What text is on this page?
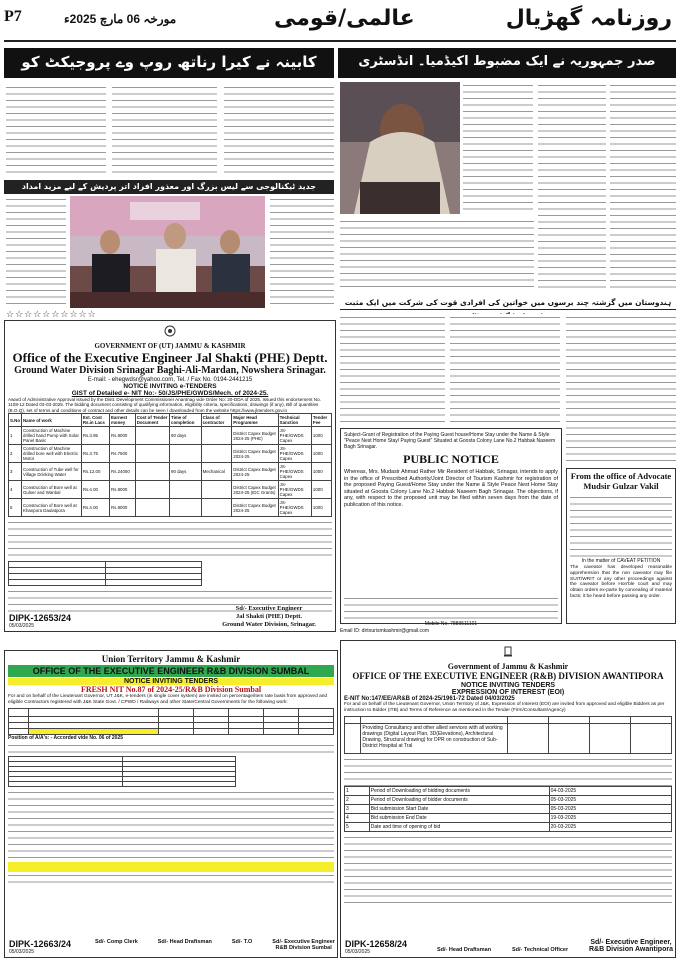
P7	مورخہ 06 مارچ 2025ء	عالمی/قومی	روزنامہ گھڑیال
کابینہ نے کیرا رناتھ روپ وے پروجیکٹ کو	صدر جمہوریہ نے ایک مضبوط اکیڈمیا۔ انڈسٹری
جدید ٹیکنالوجی سے لیس بزرگ اور معذور افراد اتر پردیش کے لیے مزید امداد
☆☆☆☆☆☆☆☆☆☆
ہندوستان میں گزشتہ چند برسوں میں خواتین کی افرادی قوت کی شرکت میں ایک مثبت
GOVERNMENT OF (UT) JAMMU & KASHMIR
Office of the Executive Engineer Jal Shakti (PHE) Deptt.
Ground Water Division Srinagar Baghi-Ali-Mardan, Nowshera Srinagar.
E-mail: - ehegwdsr@yahoo.com, Tel. / Fax No. 0194-2441215
NOTICE INVITING e-TENDERS
GIST of Detailed e- NIT No:- 50/JS/PHE/GWDS/Mech. of 2024-25.
Award of Administrative Approval issued by the Distt. Development Commissioner Anantnag vide Order No: 20-DDA of 2025. Issued this endorsement No. 1108-12 Dated 03-03-2025. The bidding document consisting of qualifying information, eligibility criteria, specifications, drawings (if any), Bill of quantities (B.O.Q), set of terms and conditions of contract and other details can be seen / downloaded from the website https://www.jktenders.gov.in
S.No	Name of work	Est. Cost Rs.in Lacs	Earnest money	Cost of Tender Document	Time of completion	Class of contractor	Major Head Programme	Technical Sanction	Tender Fee
1	Construction of Machine drilled hand Pump with Solar Panel Basic	Rs.3.95	Rs.8000		90 days		District Capex Budget 2024-25 (PHE)	JS-PHE/GWDS Capex	1000
2	Construction of Machine drilled bore well with Electric Motor	Rs.3.75	Rs.7500				District Capex Budget 2024-25	JS-PHE/GWDS Capex	1000
3	Construction of Tube well for Village Drinking Water	Rs.12.00	Rs.24000		90 days	Mechanical	District Capex Budget 2024-25	JS-PHE/GWDS Capex	1000
4	Construction of Bore well at Gulser and Wanbal	Rs.4.00	Rs.8000				District Capex Budget 2024-25 (IDC Grants)	JS-PHE/GWDS Capex	1000
5	Construction of Bore well at Khanpora Daulatpora	Rs.4.00	Rs.8000				District Capex Budget 2024-25	JS-PHE/GWDS Capex	1000

DIPK-12653/24
05/03/2025
Sd/- Executive Engineer
Jal Shakti (PHE) Deptt.
Ground Water Division, Srinagar.
Subject-Grant of Registration of the Paying Guest house/Home Stay under the Name & Style "Peace Nest Home Stay/ Paying Guest" Situated at Goosta Colony Lane No.2 Habbak Naseem Bagh Srinagar.
PUBLIC NOTICE
Whereas, Mrs. Mudasir Ahmad Rather Mir Resident of Habbak, Srinagar, intends to apply in the office of Prescribed Authority/Joint Director of Tourism Kashmir for registration of the proposed Paying Guest/Home Stay under the Name & Style Peace Nest Home Stay situated at Goosta Colony Lane No.2 Habbak Naseem Bagh Srinagar. The objections, if any, with respect to the proposed unit may be filed within seven days from the date of publication of this notice.
Mobile No. 7889511101
Email ID: dirtourismkashmir@gmail.com
From the office of Advocate Mudsir Gulzar Vakil
In the matter of CAVEAT PETITION
The caveator has developed reasonable apprehension that the non caveator may file SUIT/WRIT or any other proceedings against the caveator before Hon'ble court and may obtain orders ex-parte by concealing of material facts; it be heard before passing any order.
Union Territory Jammu & Kashmir
OFFICE OF THE EXECUTIVE ENGINEER R&B DIVISION SUMBAL
NOTICE INVITING TENDERS
FRESH NIT No.87 of 2024-25/R&B Division Sumbal
For and on behalf of the Lieutenant Governor, UT J&K, e-tenders (in single cover system) are invited on percentage/item rate basis from approved and eligible Contractors registered with J&K State Govt. / CPWD / Railways and other State/Central Governments for the following work:

Position of A/A's: - Accorded vide No. 06 of 2025

DIPK-12663/24
05/03/2025
Sd/- Comp Clerk	Sd/- Head Draftsman	Sd/- T.O	Sd/- Executive Engineer
R&B Division Sumbal
Government of Jammu & Kashmir
OFFICE OF THE EXECUTIVE ENGINEER (R&B) DIVISION AWANTIPORA
NOTICE INVITING TENDERS
EXPRESSION OF INTEREST (EOI)
E-NIT No:147/EE/AR&B of 2024-25/1961-72 Dated 04/03/2025
For and on behalf of the Lieutenant Governor, Union Territory of J&K, Expression of Interest (EOI) are invited from approved and eligible Bidders as per instruction to Bidder (ITB) and Terms of Reference as mentioned in the Tender (Firm/Consultant/Agency)

	Providing Consultancy and other allied services with all working drawings (Digital Layout Plan, 3D(Elevations), Architectural Drawing, Structural drawing) for DPR on construction of Sub-District Hospital at Tral				
1	Period of Downloading of bidding documents	04-03-2025
2	Period of Downloading of bidder documents	05-03-2025
3	Bid submission Start Date	05-03-2025
4	Bid submission End Date	19-03-2025
5	Date and time of opening of bid	20-03-2025
DIPK-12658/24
05/03/2025	Sd/- Head Draftsman	Sd/- Technical Officer
Sd/- Executive Engineer,
R&B Division Awantipora
